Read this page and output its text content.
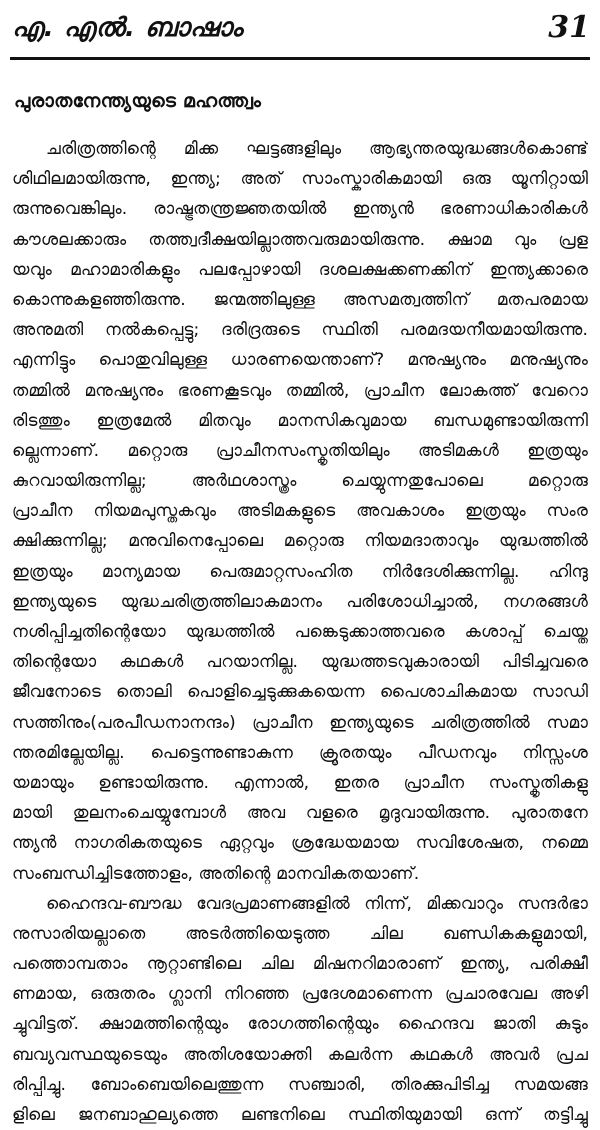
എ. എൽ. ബാഷാം	31
പുരാതനേന്ത്യയുടെ മഹത്ത്വം
ചരിത്രത്തിന്റെ മിക്ക ഘട്ടങ്ങളിലും ആഭ്യന്തരയുദ്ധങ്ങൾകൊണ്ട്
ശിഥിലമായിരുന്നു, ഇന്ത്യ; അത് സാംസ്കാരികമായി ഒരു യൂനിറ്റായി
രുന്നുവെങ്കിലും. രാഷ്ട്രതന്ത്രജ്ഞതയിൽ ഇന്ത്യൻ ഭരണാധികാരികൾ
കൗശലക്കാരും തത്ത്വദീക്ഷയില്ലാത്തവരുമായിരുന്നു. ക്ഷാമ വും പ്രള
യവും മഹാമാരികളും പലപ്പോഴായി ദശലക്ഷക്കണക്കിന് ഇന്ത്യക്കാരെ
കൊന്നുകളഞ്ഞിരുന്നു. ജന്മത്തിലുള്ള അസമത്വത്തിന് മതപരമായ
അനുമതി നൽകപ്പെട്ടു; ദരിദ്രരുടെ സ്ഥിതി പരമദയനീയമായിരുന്നു.
എന്നിട്ടും പൊതുവിലുള്ള ധാരണയെന്താണ്? മനുഷ്യനും മനുഷ്യനും
തമ്മിൽ മനുഷ്യനും ഭരണകൂടവും തമ്മിൽ, പ്രാചീന ലോകത്ത് വേറൊ
രിടത്തും ഇത്രമേൽ മിതവും മാനസികവുമായ ബന്ധമുണ്ടായിരുന്നി
ല്ലെന്നാണ്. മറ്റൊരു പ്രാചീനസംസ്കൃതിയിലും അടിമകൾ ഇത്രയും
കുറവായിരുന്നില്ല; അർഥശാസ്ത്രം ചെയ്യുന്നതുപോലെ മറ്റൊരു
പ്രാചീന നിയമപുസ്തകവും അടിമകളുടെ അവകാശം ഇത്രയും സംര
ക്ഷിക്കുന്നില്ല; മനുവിനെപ്പോലെ മറ്റൊരു നിയമദാതാവും യുദ്ധത്തിൽ
ഇത്രയും മാന്യമായ പെരുമാറ്റസംഹിത നിർദേശിക്കുന്നില്ല. ഹിന്ദു
ഇന്ത്യയുടെ യുദ്ധചരിത്രത്തിലാകമാനം പരിശോധിച്ചാൽ, നഗരങ്ങൾ
നശിപ്പിച്ചതിന്റെയോ യുദ്ധത്തിൽ പങ്കെടുക്കാത്തവരെ കശാപ്പ് ചെയ്ത
തിന്റെയോ കഥകൾ പറയാനില്ല. യുദ്ധത്തടവുകാരായി പിടിച്ചവരെ
ജീവനോടെ തൊലി പൊളിച്ചെടുക്കുകയെന്ന പൈശാചികമായ സാഡി
സത്തിനും(പരപീഡനാനന്ദം) പ്രാചീന ഇന്ത്യയുടെ ചരിത്രത്തിൽ സമാ
ന്തരമില്ലേയില്ല. പെട്ടെന്നുണ്ടാകുന്ന ക്രൂരതയും പീഡനവും നിസ്സംശ
യമായും ഉണ്ടായിരുന്നു. എന്നാൽ, ഇതര പ്രാചീന സംസ്കൃതികളു
മായി തുലനംചെയ്യുമ്പോൾ അവ വളരെ മൃദുവായിരുന്നു. പുരാതനേ
ന്ത്യൻ നാഗരികതയുടെ ഏറ്റവും ശ്രദ്ധേയമായ സവിശേഷത, നമ്മെ
സംബന്ധിച്ചിടത്തോളം, അതിന്റെ മാനവികതയാണ്.
ഹൈന്ദവ-ബൗദ്ധ വേദപ്രമാണങ്ങളിൽ നിന്ന്, മിക്കവാറും സന്ദർഭാ
നുസാരിയല്ലാതെ അടർത്തിയെടുത്ത ചില ഖണ്ഡികകളുമായി,
പത്തൊമ്പതാം നൂറ്റാണ്ടിലെ ചില മിഷനറിമാരാണ് ഇന്ത്യ, പരിക്ഷീ
ണമായ, ഒരുതരം ഗ്ലാനി നിറഞ്ഞ പ്രദേശമാണെന്ന പ്രചാരവേല അഴി
ച്ചുവിട്ടത്. ക്ഷാമത്തിന്റെയും രോഗത്തിന്റെയും ഹൈന്ദവ ജാതി കുടും
ബവ്യവസ്ഥയുടെയും അതിശയോക്തി കലർന്ന കഥകൾ അവർ പ്രച
രിപ്പിച്ചു. ബോംബെയിലെത്തുന്ന സഞ്ചാരി, തിരക്കുപിടിച്ച സമയങ്ങ
ളിലെ ജനബാഹുല്യത്തെ ലണ്ടനിലെ സ്ഥിതിയുമായി ഒന്ന് തട്ടിച്ചു
